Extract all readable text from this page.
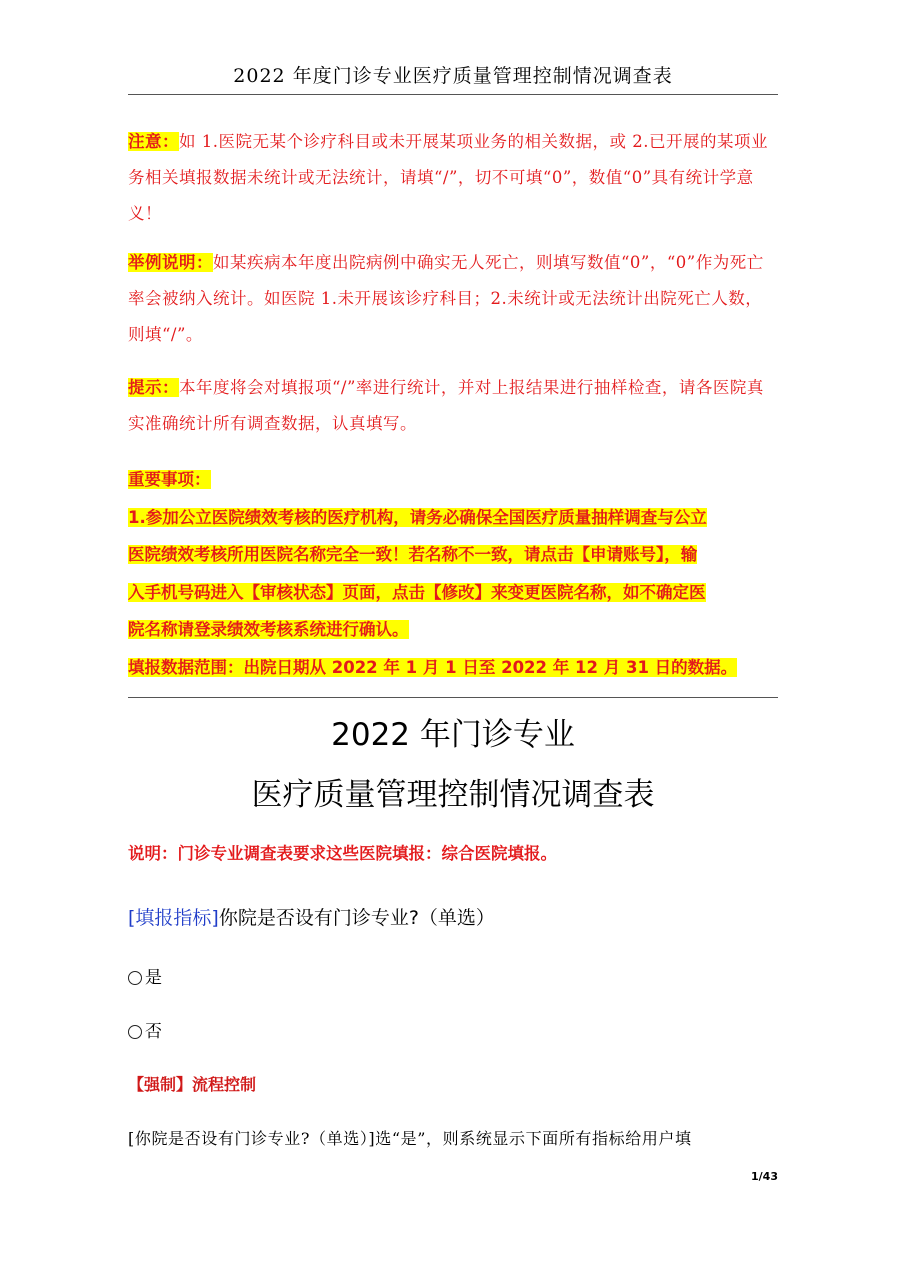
2022 年度门诊专业医疗质量管理控制情况调查表
注意：如 1.医院无某个诊疗科目或未开展某项业务的相关数据，或 2.已开展的某项业务相关填报数据未统计或无法统计，请填“/”，切不可填“0”，数值“0”具有统计学意义！
举例说明：如某疾病本年度出院病例中确实无人死亡，则填写数值“0”，“0”作为死亡率会被纳入统计。如医院 1.未开展该诊疗科目；2.未统计或无法统计出院死亡人数，则填“/”。
提示：本年度将会对填报项“/”率进行统计，并对上报结果进行抽样检查，请各医院真实准确统计所有调查数据，认真填写。
重要事项：
1.参加公立医院绩效考核的医疗机构，请务必确保全国医疗质量抽样调查与公立
医院绩效考核所用医院名称完全一致！若名称不一致，请点击【申请账号】，输
入手机号码进入【审核状态】页面，点击【修改】来变更医院名称，如不确定医
院名称请登录绩效考核系统进行确认。
填报数据范围：出院日期从 2022 年 1 月 1 日至 2022 年 12 月 31 日的数据。
2022 年门诊专业
医疗质量管理控制情况调查表
说明：门诊专业调查表要求这些医院填报：综合医院填报。
[填报指标]你院是否设有门诊专业?（单选）
是
否
【强制】流程控制
[你院是否设有门诊专业?（单选）]选“是”，则系统显示下面所有指标给用户填
1/43
